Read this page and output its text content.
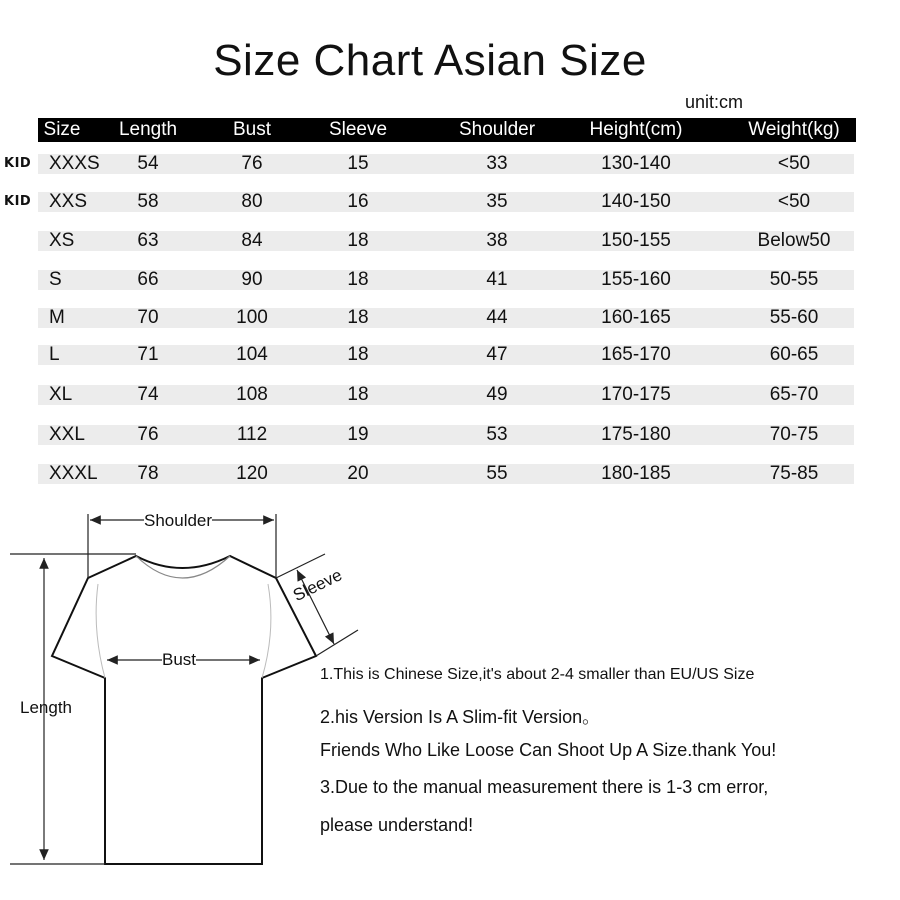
Size Chart Asian Size
unit:cm
Size Length	Bust	Sleeve	Shoulder	Height(cm)	Weight(kg)
KID XXXS 54	76	15	33	130-140	<50
KID XXS	58	80	16	35	140-150	<50
XS	63	84	18	38	150-155	Below50
S	66	90	18	41	155-160	50-55
M	70	100	18	44	160-165	55-60
L	71	104	18	47	165-170	60-65
XL	74	108	18	49	170-175	65-70
XXL	76	112	19	53	175-180	70-75
XXXL 78	120	20	55	180-185	75-85
Shoulder
Bust
Length
Sleeve
1.This is Chinese Size,it's about 2-4 smaller than EU/US Size
2.his Version Is A Slim-fit Version。
Friends Who Like Loose Can Shoot Up A Size.thank You!
3.Due to the manual measurement there is 1-3 cm error,
please understand!
